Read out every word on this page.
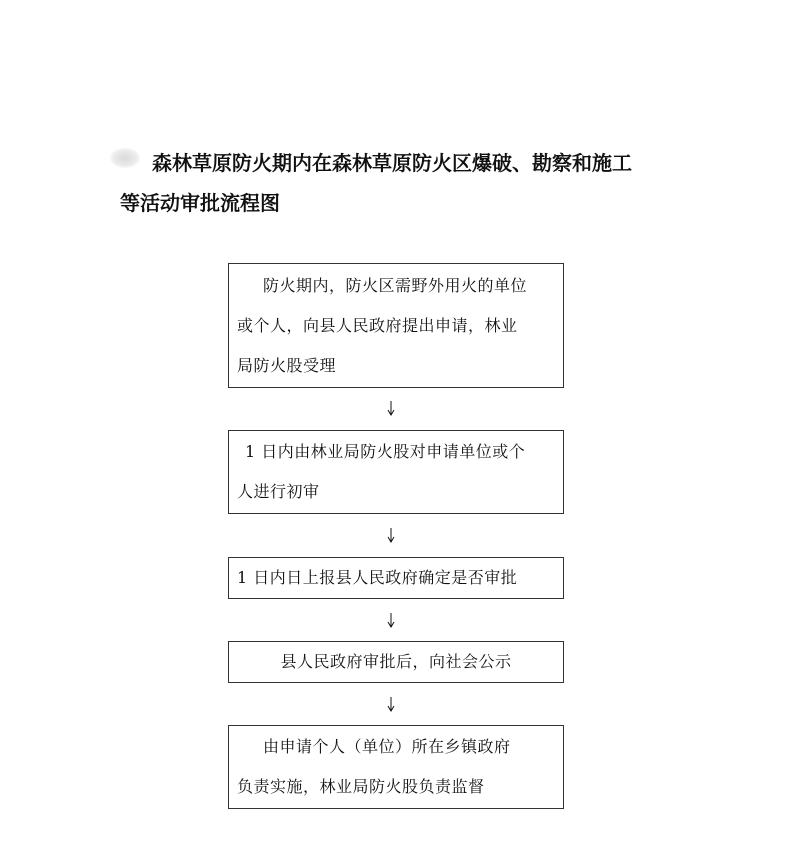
森林草原防火期内在森林草原防火区爆破、勘察和施工
等活动审批流程图
防火期内，防火区需野外用火的单位
或个人，向县人民政府提出申请，林业
局防火股受理
1 日内由林业局防火股对申请单位或个
人进行初审
1 日内日上报县人民政府确定是否审批
县人民政府审批后，向社会公示
由申请个人（单位）所在乡镇政府
负责实施，林业局防火股负责监督
